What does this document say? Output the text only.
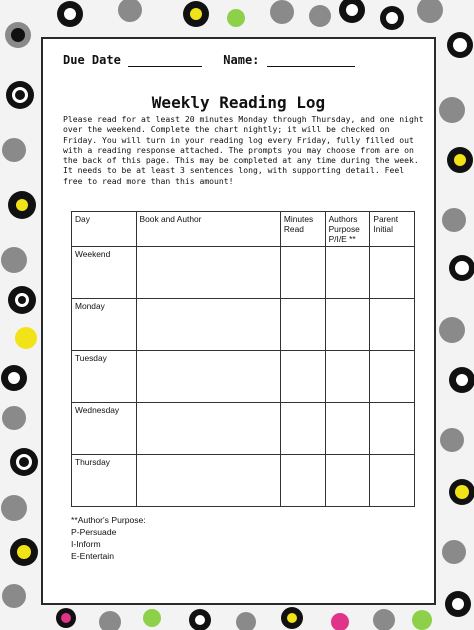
Due Date	Name:
Weekly Reading Log
Please read for at least 20 minutes Monday through Thursday, and one night over the weekend. Complete the chart nightly; it will be checked on Friday. You will turn in your reading log every Friday, fully filled out with a reading response attached. The prompts you may choose from are on the back of this page. This may be completed at any time during the week. It needs to be at least 3 sentences long, with supporting detail. Feel free to read more than this amount!
Day	Book and Author	Minutes Read	Authors Purpose P/I/E **	Parent Initial
Weekend				
Monday				
Tuesday				
Wednesday				
Thursday				
**Author's Purpose:
P-Persuade
I-Inform
E-Entertain
